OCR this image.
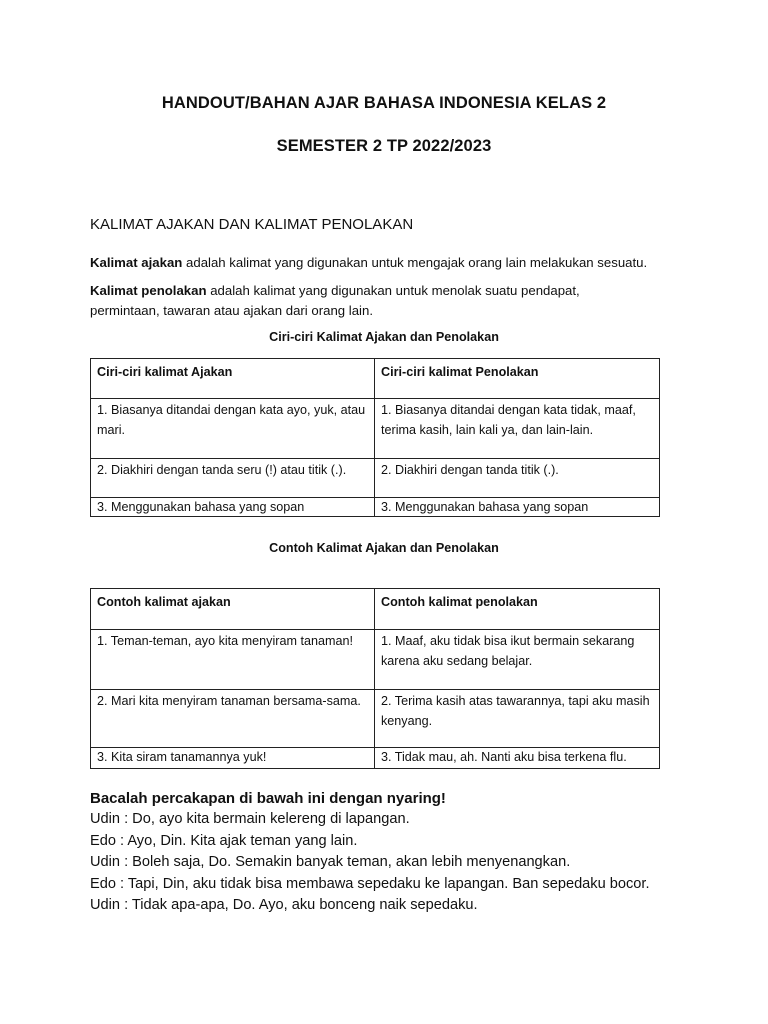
HANDOUT/BAHAN AJAR BAHASA INDONESIA KELAS 2
SEMESTER 2 TP 2022/2023
KALIMAT AJAKAN DAN KALIMAT PENOLAKAN
Kalimat ajakan adalah kalimat yang digunakan untuk mengajak orang lain melakukan sesuatu.
Kalimat penolakan adalah kalimat yang digunakan untuk menolak suatu pendapat, permintaan, tawaran atau ajakan dari orang lain.
Ciri-ciri Kalimat Ajakan dan Penolakan
Ciri-ciri kalimat Ajakan	Ciri-ciri kalimat Penolakan
1. Biasanya ditandai dengan kata ayo, yuk, atau mari.	1. Biasanya ditandai dengan kata tidak, maaf, terima kasih, lain kali ya, dan lain-lain.
2. Diakhiri dengan tanda seru (!) atau titik (.).	2. Diakhiri dengan tanda titik (.).
3. Menggunakan bahasa yang sopan	3. Menggunakan bahasa yang sopan
Contoh Kalimat Ajakan dan Penolakan
Contoh kalimat ajakan	Contoh kalimat penolakan
1. Teman-teman, ayo kita menyiram tanaman!	1. Maaf, aku tidak bisa ikut bermain sekarang karena aku sedang belajar.
2. Mari kita menyiram tanaman bersama-sama.	2. Terima kasih atas tawarannya, tapi aku masih kenyang.
3. Kita siram tanamannya yuk!	3. Tidak mau, ah. Nanti aku bisa terkena flu.
Bacalah percakapan di bawah ini dengan nyaring!
Udin : Do, ayo kita bermain kelereng di lapangan.
Edo : Ayo, Din. Kita ajak teman yang lain.
Udin : Boleh saja, Do. Semakin banyak teman, akan lebih menyenangkan.
Edo : Tapi, Din, aku tidak bisa membawa sepedaku ke lapangan. Ban sepedaku bocor.
Udin : Tidak apa-apa, Do. Ayo, aku bonceng naik sepedaku.
